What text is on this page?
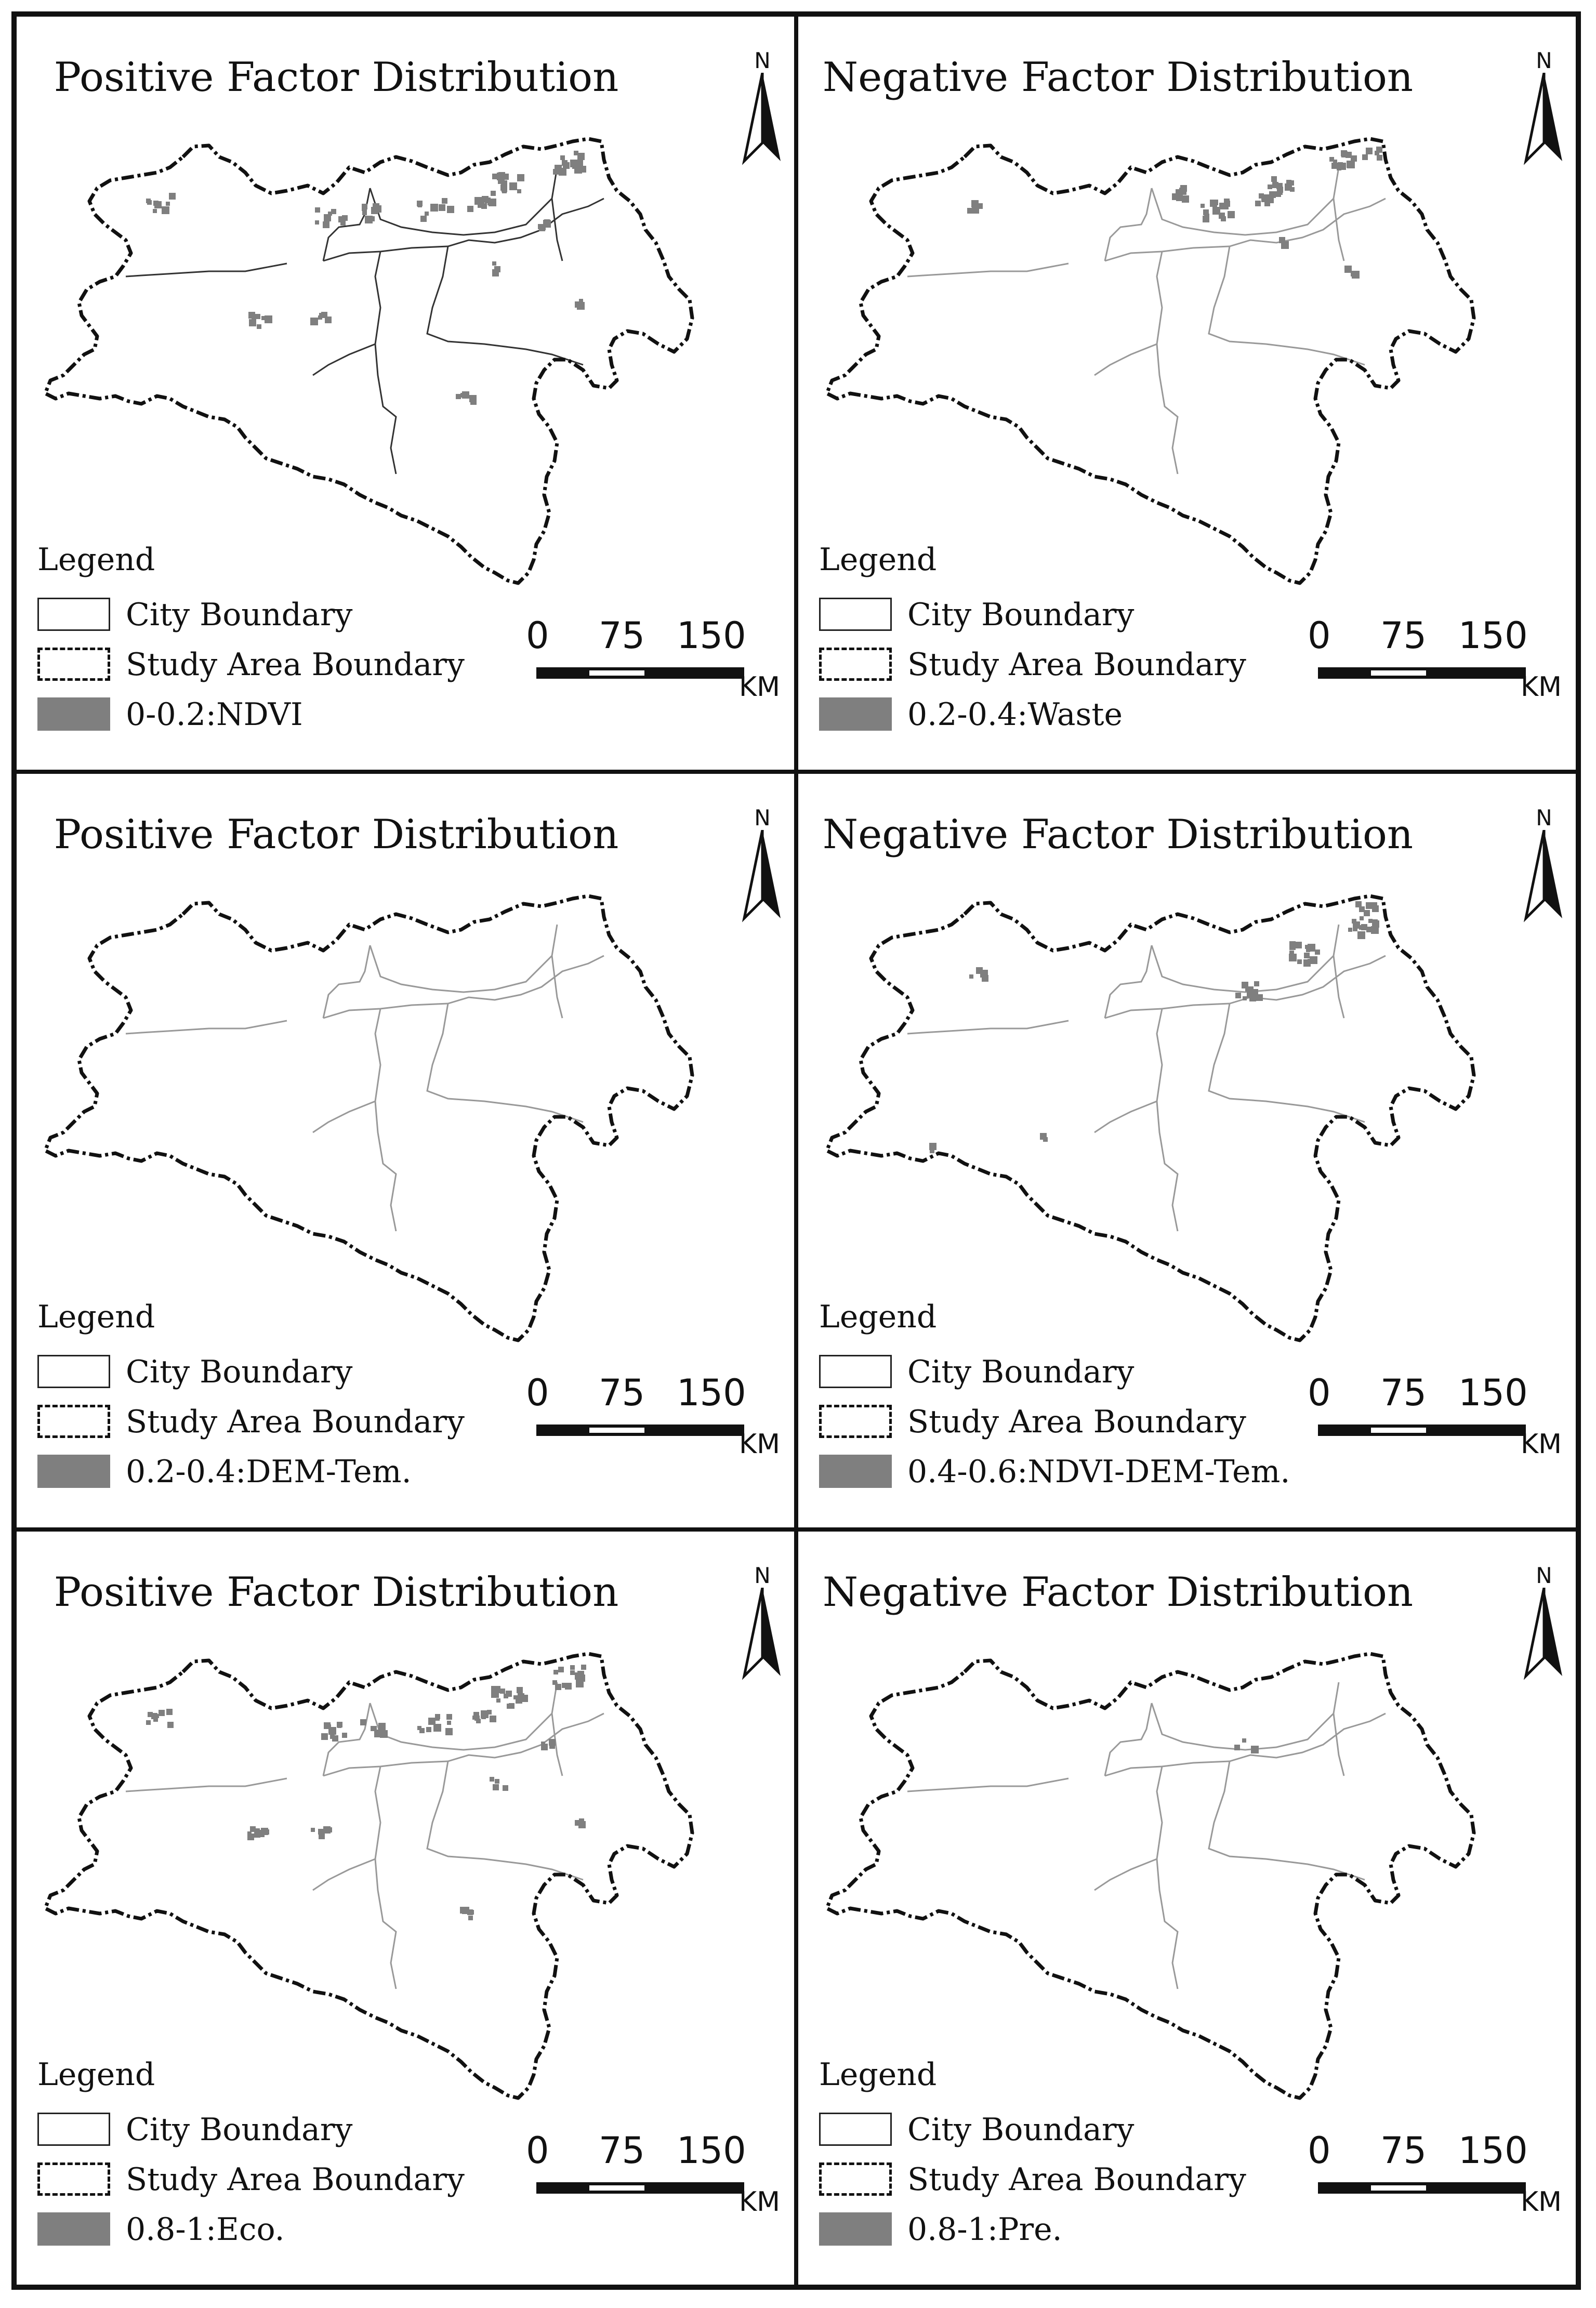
Positive Factor Distribution	N
Legend
City Boundary
Study Area Boundary
0-0.2:NDVI
0 75 150
KM
Negative Factor Distribution	N
Legend
City Boundary
Study Area Boundary
0.2-0.4:Waste
0 75 150
KM
Positive Factor Distribution	N
Legend
City Boundary
Study Area Boundary
0.2-0.4:DEM-Tem.
0 75 150
KM
Negative Factor Distribution	N
Legend
City Boundary
Study Area Boundary
0.4-0.6:NDVI-DEM-Tem.
0 75 150
KM
Positive Factor Distribution	N
Legend
City Boundary
Study Area Boundary
0.8-1:Eco.
0 75 150
KM
Negative Factor Distribution	N
Legend
City Boundary
Study Area Boundary
0.8-1:Pre.
0 75 150
KM
